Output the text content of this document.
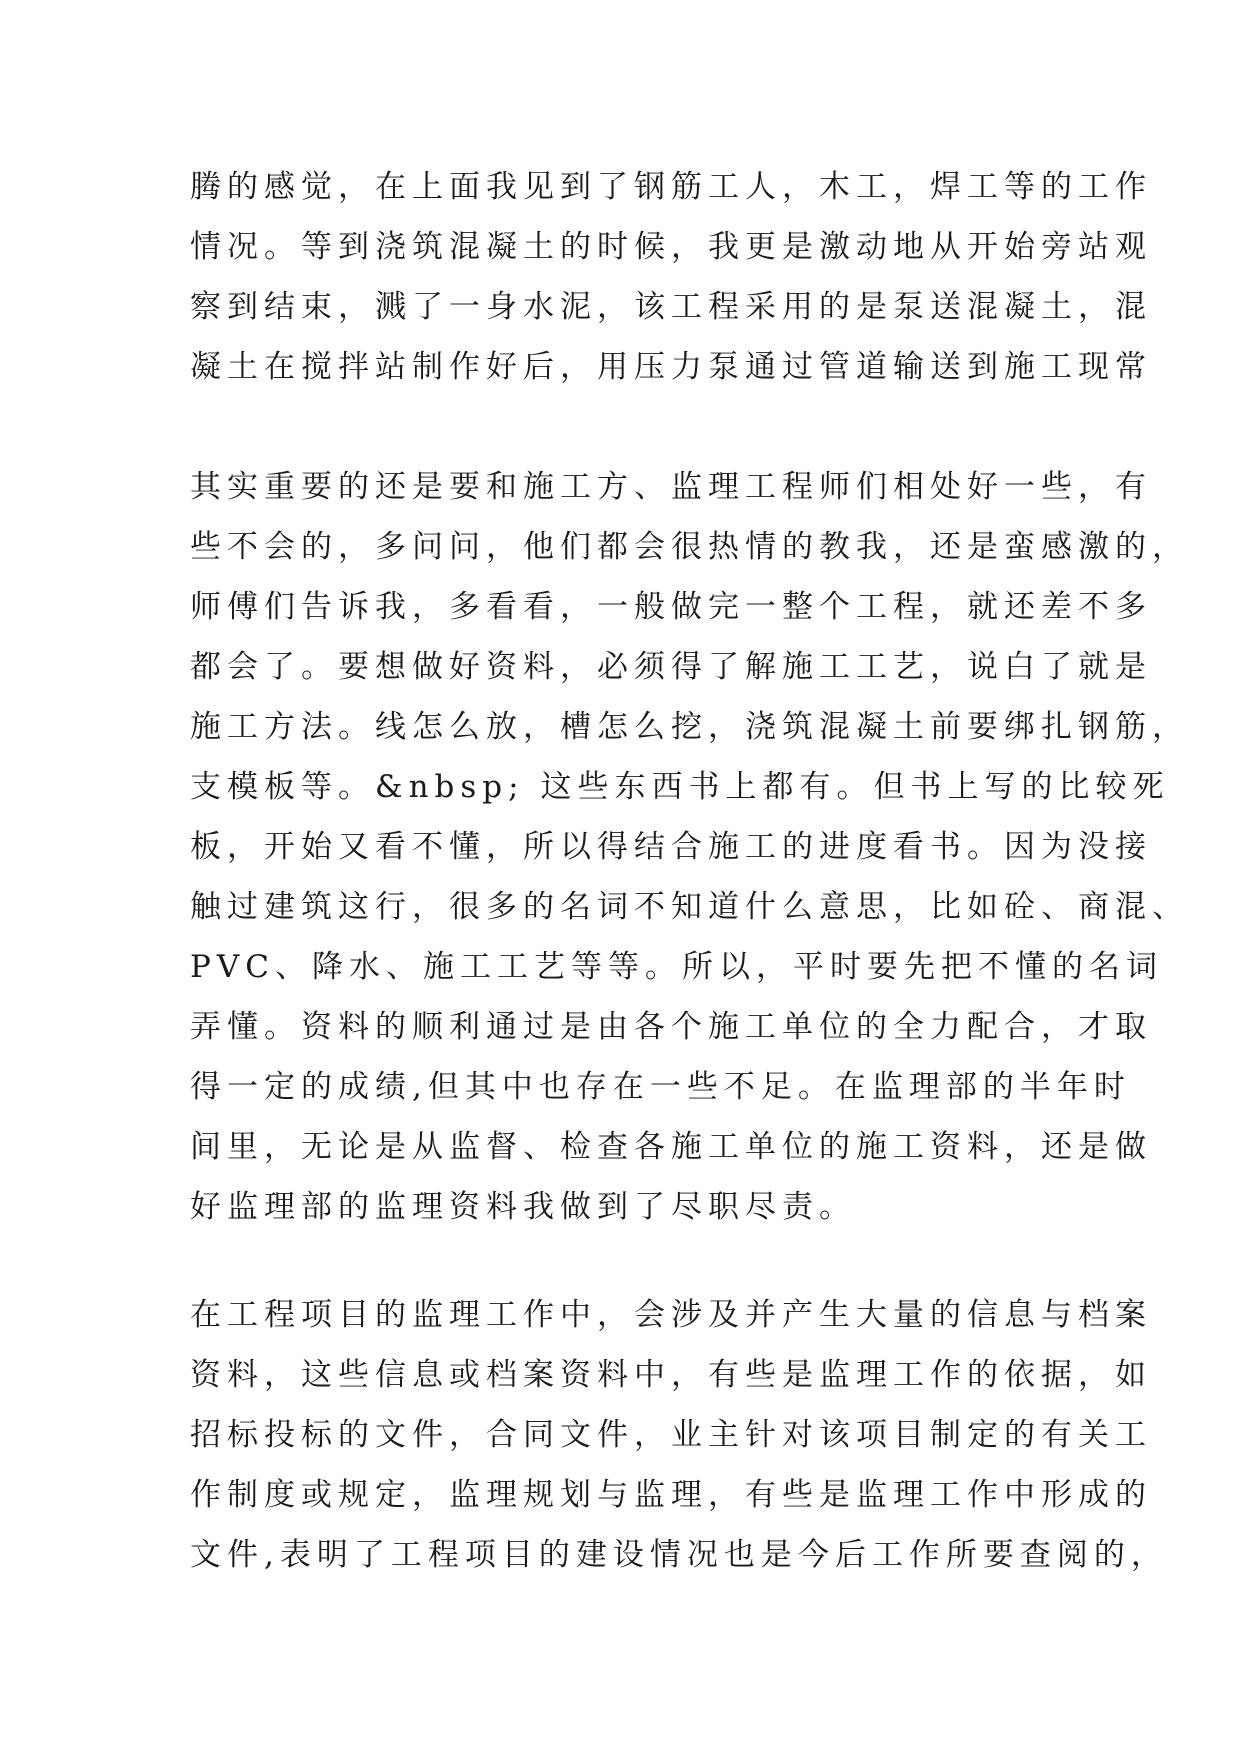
腾的感觉，在上面我见到了钢筋工人，木工，焊工等的工作
情况。等到浇筑混凝土的时候，我更是激动地从开始旁站观
察到结束，溅了一身水泥，该工程采用的是泵送混凝土，混
凝土在搅拌站制作好后，用压力泵通过管道输送到施工现常

其实重要的还是要和施工方、监理工程师们相处好一些，有
些不会的，多问问，他们都会很热情的教我，还是蛮感激的，
师傅们告诉我，多看看，一般做完一整个工程，就还差不多
都会了。要想做好资料，必须得了解施工工艺，说白了就是
施工方法。线怎么放，槽怎么挖，浇筑混凝土前要绑扎钢筋，
支模板等。&nbsp; 这些东西书上都有。但书上写的比较死
板，开始又看不懂，所以得结合施工的进度看书。因为没接
触过建筑这行，很多的名词不知道什么意思，比如砼、商混、
PVC、降水、施工工艺等等。所以，平时要先把不懂的名词
弄懂。资料的顺利通过是由各个施工单位的全力配合，才取
得一定的成绩,但其中也存在一些不足。在监理部的半年时
间里，无论是从监督、检查各施工单位的施工资料，还是做
好监理部的监理资料我做到了尽职尽责。

在工程项目的监理工作中，会涉及并产生大量的信息与档案
资料，这些信息或档案资料中，有些是监理工作的依据，如
招标投标的文件，合同文件，业主针对该项目制定的有关工
作制度或规定，监理规划与监理，有些是监理工作中形成的
文件,表明了工程项目的建设情况也是今后工作所要查阅的，
